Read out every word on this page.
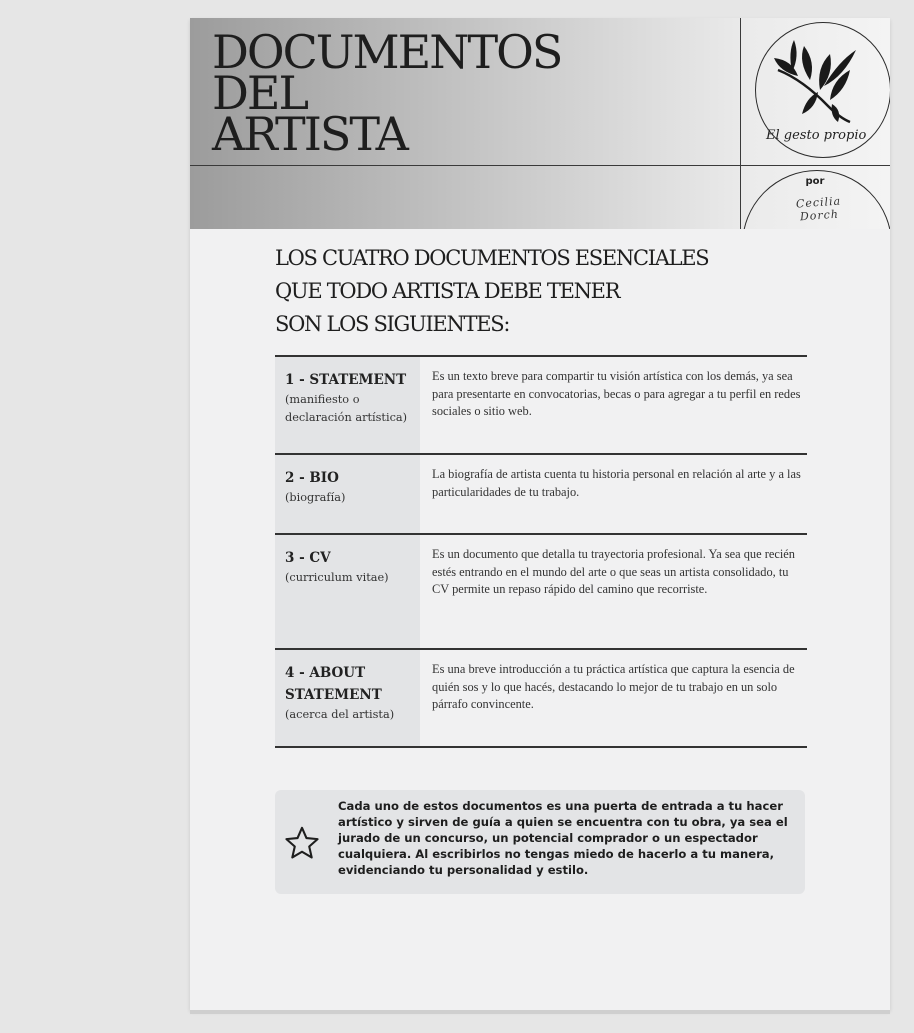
DOCUMENTOS
DEL
ARTISTA	El gesto propio
por
Cecilia Dorch
LOS CUATRO DOCUMENTOS ESENCIALES
QUE TODO ARTISTA DEBE TENER
SON LOS SIGUIENTES:
1 - STATEMENT
(manifiesto o
declaración artística)
Es un texto breve para compartir tu visión artística con los demás, ya sea para presentarte en convocatorias, becas o para agregar a tu perfil en redes sociales o sitio web.
2 - BIO
(biografía)
La biografía de artista cuenta tu historia personal en relación al arte y a las particularidades de tu trabajo.
3 - CV
(curriculum vitae)
Es un documento que detalla tu trayectoria profesional. Ya sea que recién estés entrando en el mundo del arte o que seas un artista consolidado, tu CV permite un repaso rápido del camino que recorriste.
4 - ABOUT
STATEMENT
(acerca del artista)
Es una breve introducción a tu práctica artística que captura la esencia de quién sos y lo que hacés, destacando lo mejor de tu trabajo en un solo párrafo convincente.
Cada uno de estos documentos es una puerta de entrada a tu hacer artístico y sirven de guía a quien se encuentra con tu obra, ya sea el jurado de un concurso, un potencial comprador o un espectador cualquiera. Al escribirlos no tengas miedo de hacerlo a tu manera, evidenciando tu personalidad y estilo.
